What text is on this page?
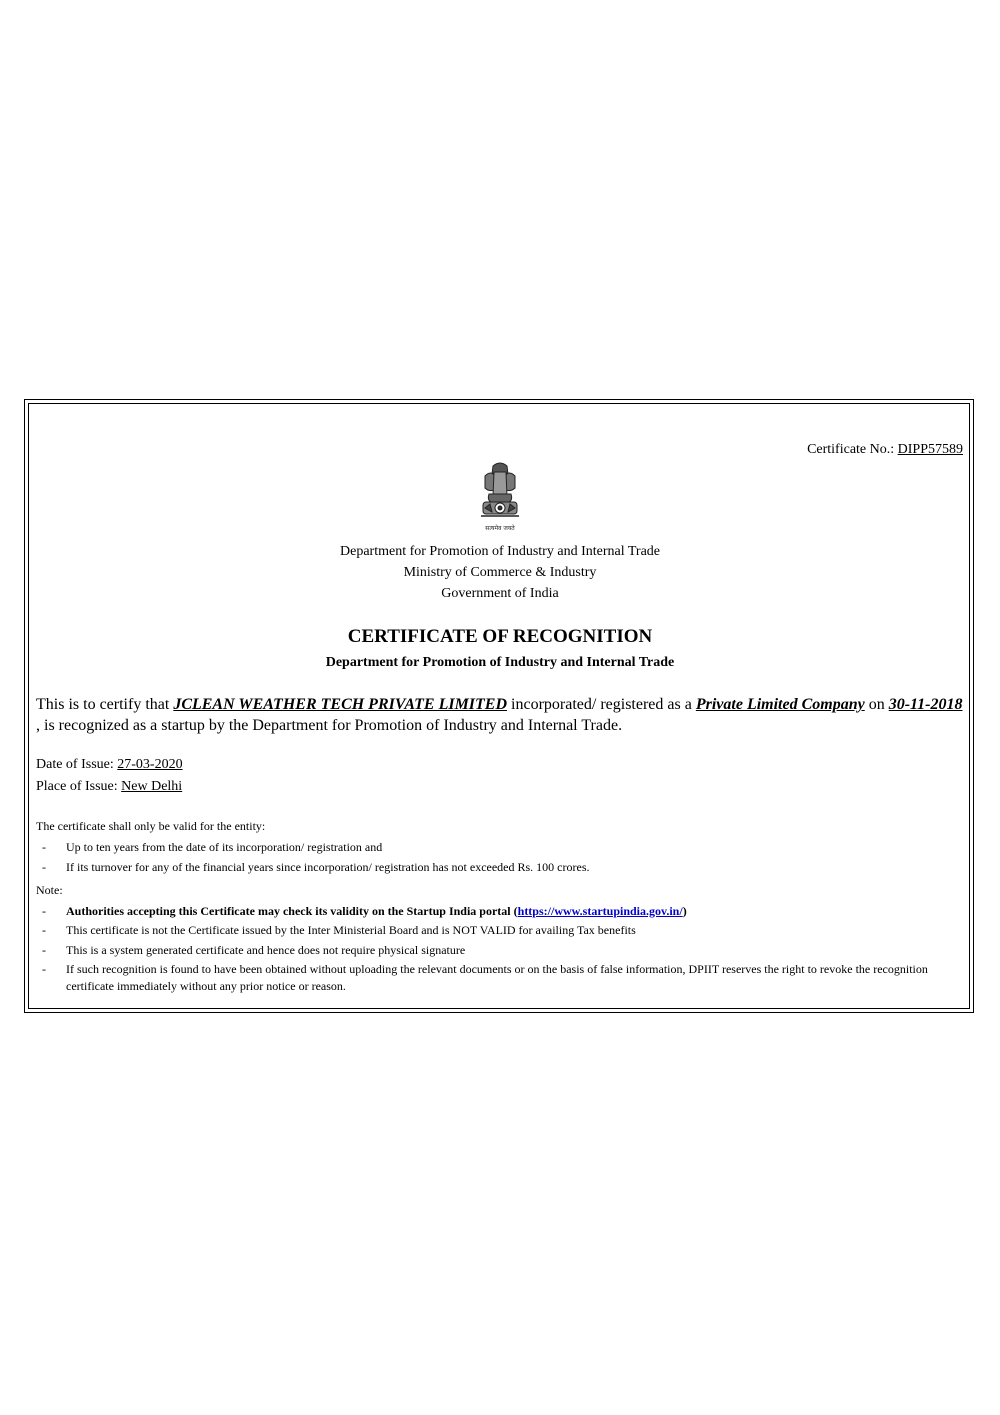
Certificate No.: DIPP57589
सत्यमेव जयते
Department for Promotion of Industry and Internal Trade
Ministry of Commerce & Industry
Government of India
CERTIFICATE OF RECOGNITION
Department for Promotion of Industry and Internal Trade
This is to certify that JCLEAN WEATHER TECH PRIVATE LIMITED incorporated/ registered as a Private Limited Company on 30-11-2018 , is recognized as a startup by the Department for Promotion of Industry and Internal Trade.
Date of Issue: 27-03-2020
Place of Issue: New Delhi
The certificate shall only be valid for the entity:
- Up to ten years from the date of its incorporation/ registration and
- If its turnover for any of the financial years since incorporation/ registration has not exceeded Rs. 100 crores.
Note:
- Authorities accepting this Certificate may check its validity on the Startup India portal (https://www.startupindia.gov.in/)
- This certificate is not the Certificate issued by the Inter Ministerial Board and is NOT VALID for availing Tax benefits
- This is a system generated certificate and hence does not require physical signature
- If such recognition is found to have been obtained without uploading the relevant documents or on the basis of false information, DPIIT reserves the right to revoke the recognition certificate immediately without any prior notice or reason.
